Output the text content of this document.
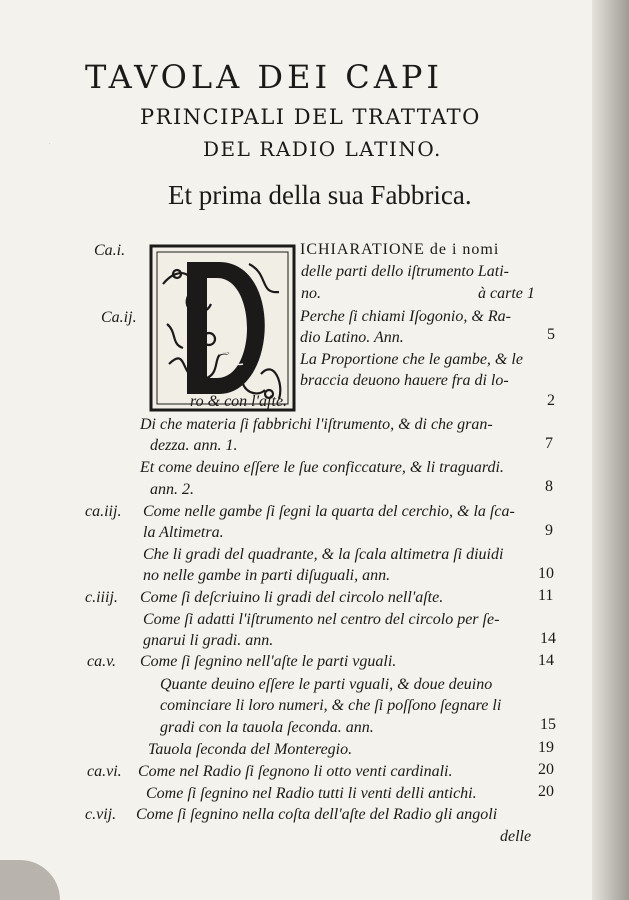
TAVOLA DEI CAPI
PRINCIPALI DEL TRATTATO
DEL RADIO LATINO.
Et prima della sua Fabbrica.
D
Ca.i.
Ca.ij.
ca.iij.
c.iiij.
ca.v.
ca.vi.
c.vij.
ICHIARATIONE de i nomi
delle parti dello iſtrumento Lati-
no.	à carte 1
Perche ſi chiami Iſogonio, & Ra-
dio Latino. Ann.
La Proportione che le gambe, & le
braccia deuono hauere fra di lo-
ro & con l'aſte.
Di che materia ſi fabbrichi l'iſtrumento, & di che gran-
dezza. ann. 1.
Et come deuino eſſere le ſue conficcature, & li traguardi.
ann. 2.
Come nelle gambe ſi ſegni la quarta del cerchio, & la ſca-
la Altimetra.
Che li gradi del quadrante, & la ſcala altimetra ſi diuidi
no nelle gambe in parti diſuguali, ann.
Come ſi deſcriuino li gradi del circolo nell'aſte.
Come ſi adatti l'iſtrumento nel centro del circolo per ſe-
gnarui li gradi. ann.
Come ſi ſegnino nell'aſte le parti vguali.
Quante deuino eſſere le parti vguali, & doue deuino
cominciare li loro numeri, & che ſi poſſono ſegnare li
gradi con la tauola ſeconda. ann.
Tauola ſeconda del Monteregio.
Come nel Radio ſi ſegnono li otto venti cardinali.
Come ſi ſegnino nel Radio tutti li venti delli antichi.
Come ſi ſegnino nella coſta dell'aſte del Radio gli angoli
delle
5
2
7
8
9
10
11
14
14
15
19
20
20
